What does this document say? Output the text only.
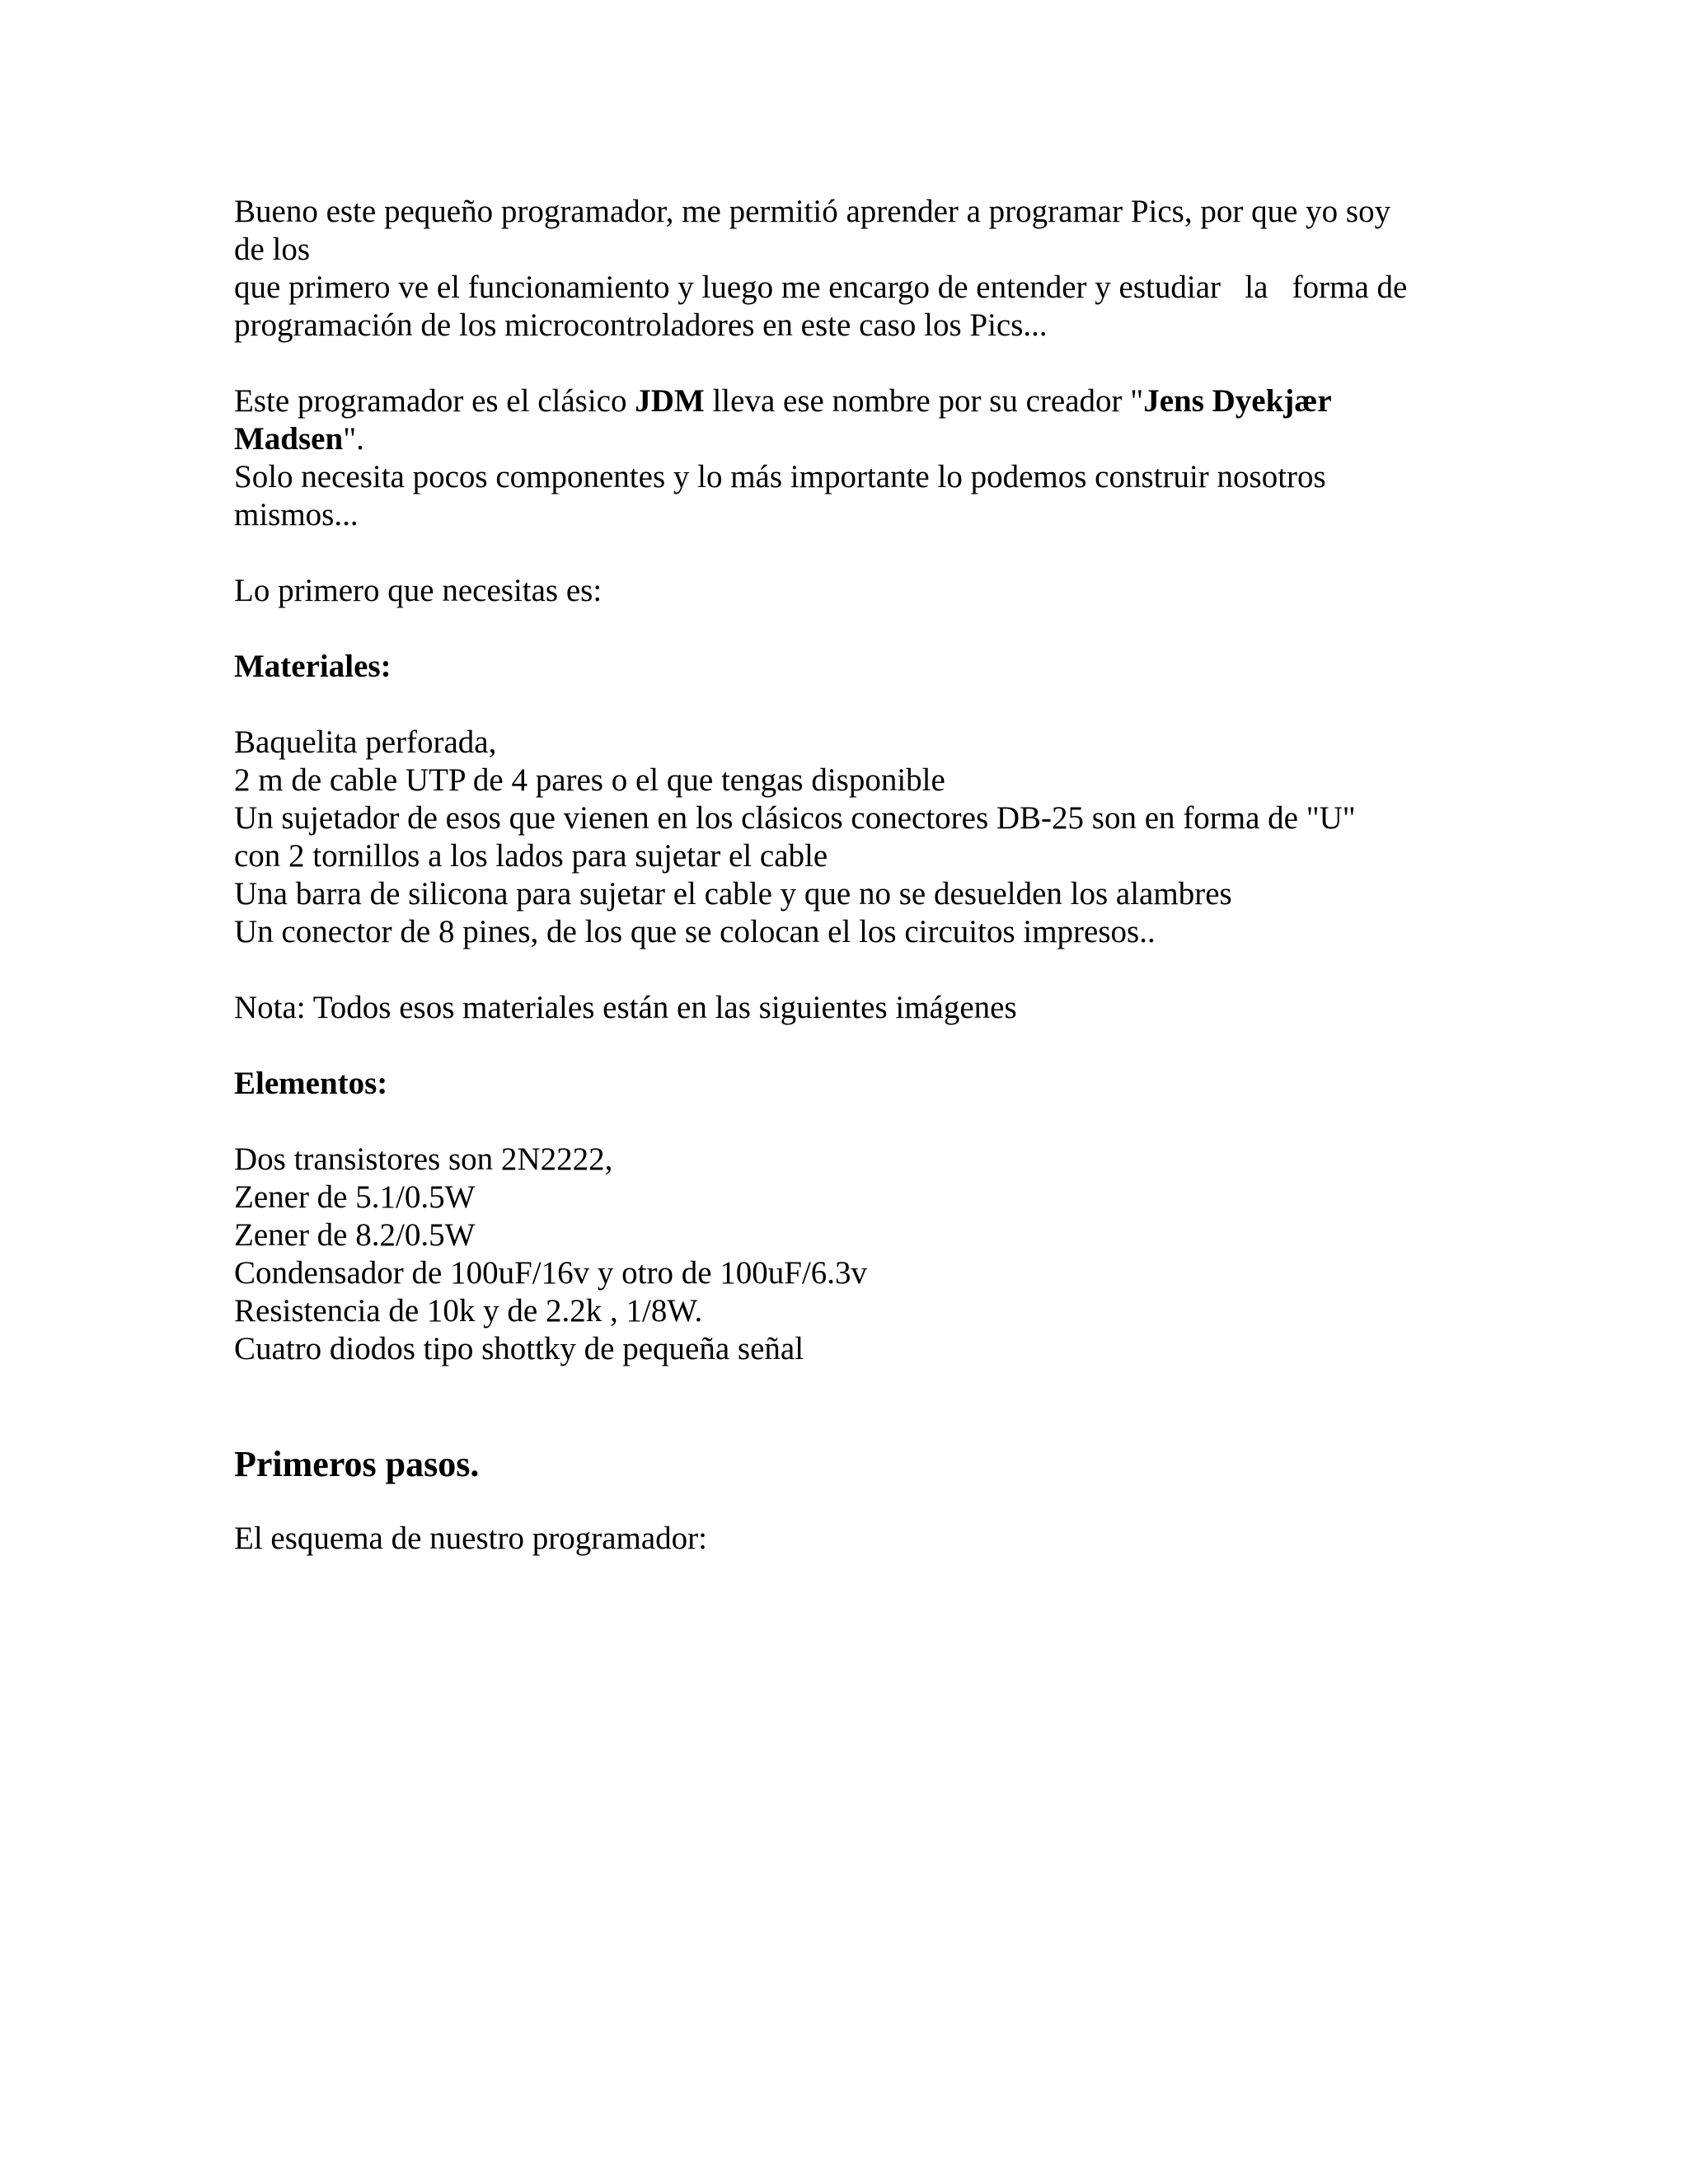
Bueno este pequeño programador, me permitió aprender a programar Pics, por que yo soy
de los
que primero ve el funcionamiento y luego me encargo de entender y estudiar   la   forma de
programación de los microcontroladores en este caso los Pics...

Este programador es el clásico JDM lleva ese nombre por su creador "Jens Dyekjær
Madsen".
Solo necesita pocos componentes y lo más importante lo podemos construir nosotros
mismos...

Lo primero que necesitas es:

Materiales:

Baquelita perforada,
2 m de cable UTP de 4 pares o el que tengas disponible
Un sujetador de esos que vienen en los clásicos conectores DB-25 son en forma de "U"
con 2 tornillos a los lados para sujetar el cable
Una barra de silicona para sujetar el cable y que no se desuelden los alambres
Un conector de 8 pines, de los que se colocan el los circuitos impresos..

Nota: Todos esos materiales están en las siguientes imágenes

Elementos:

Dos transistores son 2N2222,
Zener de 5.1/0.5W
Zener de 8.2/0.5W
Condensador de 100uF/16v y otro de 100uF/6.3v
Resistencia de 10k y de 2.2k , 1/8W.
Cuatro diodos tipo shottky de pequeña señal

Primeros pasos.

El esquema de nuestro programador:
